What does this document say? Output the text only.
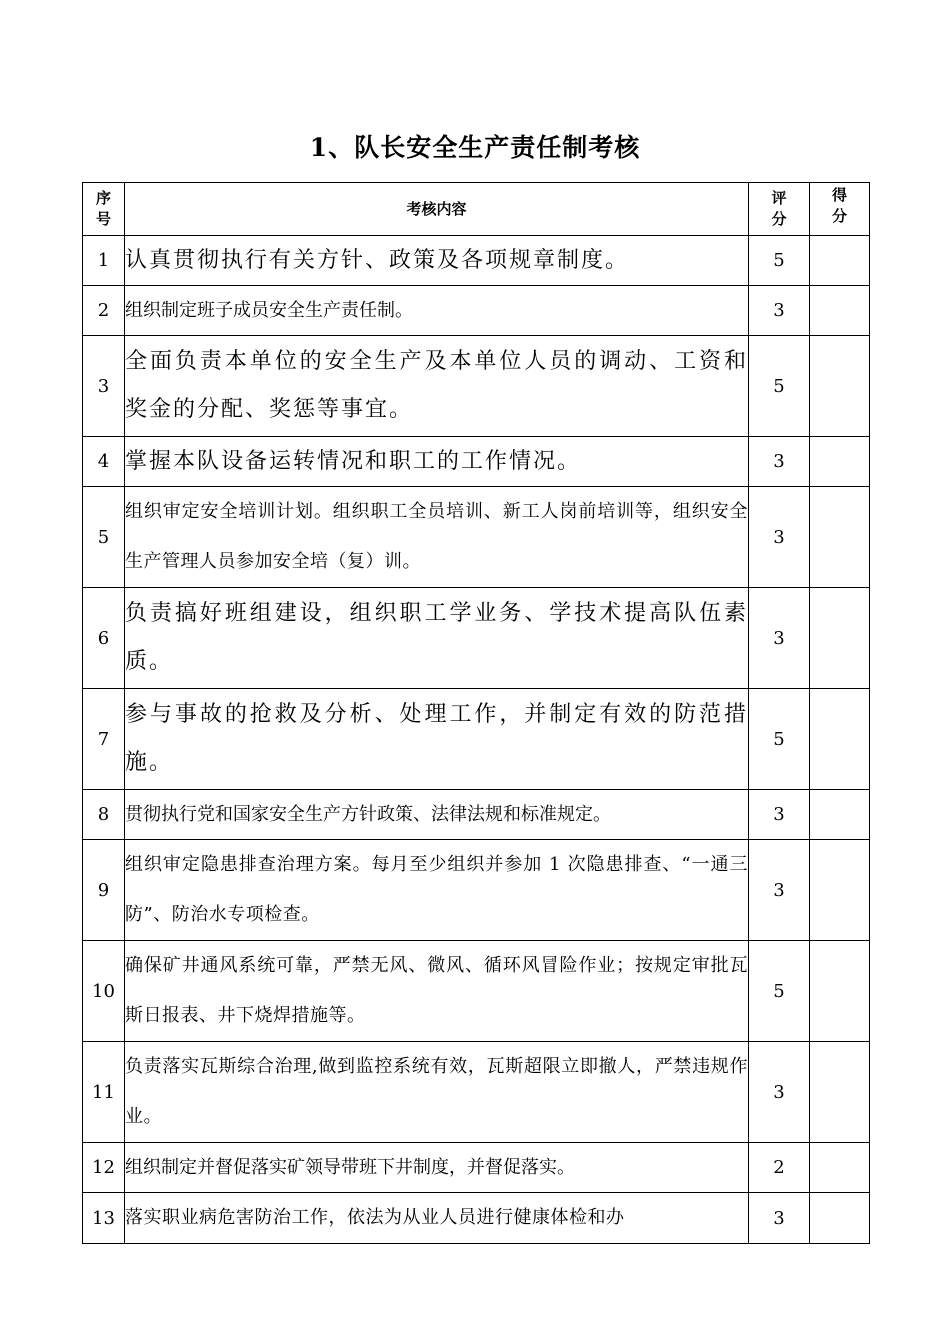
1、队长安全生产责任制考核
序号	考核内容	评分	得分
1	认真贯彻执行有关方针、政策及各项规章制度。	5	
2	组织制定班子成员安全生产责任制。	3	
3	全面负责本单位的安全生产及本单位人员的调动、工资和奖金的分配、奖惩等事宜。	5	
4	掌握本队设备运转情况和职工的工作情况。	3	
5	组织审定安全培训计划。组织职工全员培训、新工人岗前培训等，组织安全生产管理人员参加安全培（复）训。	3	
6	负责搞好班组建设，组织职工学业务、学技术提高队伍素质。	3	
7	参与事故的抢救及分析、处理工作，并制定有效的防范措施。	5	
8	贯彻执行党和国家安全生产方针政策、法律法规和标准规定。	3	
9	组织审定隐患排查治理方案。每月至少组织并参加 1 次隐患排查、“一通三防”、防治水专项检查。	3	
10	确保矿井通风系统可靠，严禁无风、微风、循环风冒险作业；按规定审批瓦斯日报表、井下烧焊措施等。	5	
11	负责落实瓦斯综合治理,做到监控系统有效，瓦斯超限立即撤人，严禁违规作业。	3	
12	组织制定并督促落实矿领导带班下井制度，并督促落实。	2	
13	落实职业病危害防治工作，依法为从业人员进行健康体检和办	3	
